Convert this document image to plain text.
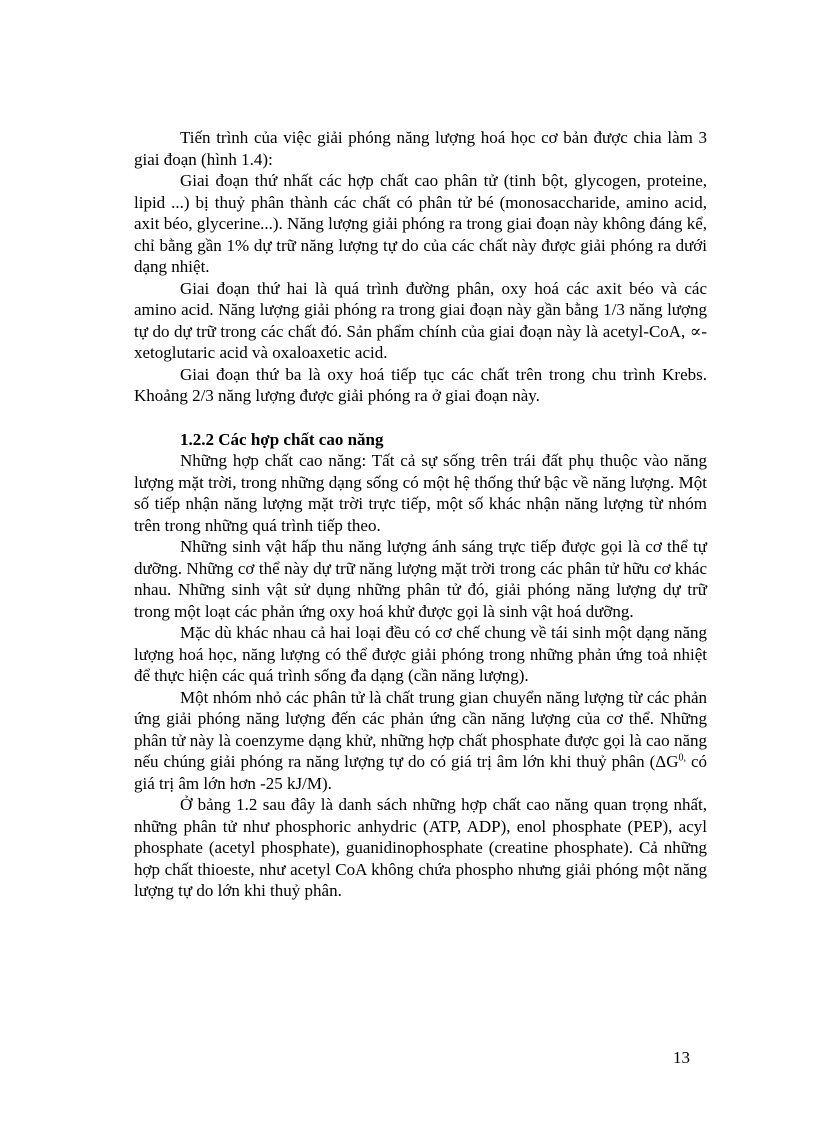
Tiến trình của việc giải phóng năng lượng hoá học cơ bản được chia làm 3 giai đoạn (hình 1.4):

Giai đoạn thứ nhất các hợp chất cao phân tử (tinh bột, glycogen, proteine, lipid ...) bị thuỷ phân thành các chất có phân tử bé (monosaccharide, amino acid, axit béo, glycerine...). Năng lượng giải phóng ra trong giai đoạn này không đáng kể, chỉ bằng gần 1% dự trữ năng lượng tự do của các chất này được giải phóng ra dưới dạng nhiệt.

Giai đoạn thứ hai là quá trình đường phân, oxy hoá các axit béo và các amino acid. Năng lượng giải phóng ra trong giai đoạn này gần bằng 1/3 năng lượng tự do dự trữ trong các chất đó. Sản phẩm chính của giai đoạn này là acetyl-CoA, ∝-xetoglutaric acid và oxaloaxetic acid.

Giai đoạn thứ ba là oxy hoá tiếp tục các chất trên trong chu trình Krebs. Khoảng 2/3 năng lượng được giải phóng ra ở giai đoạn này.

1.2.2 Các hợp chất cao năng

Những hợp chất cao năng: Tất cả sự sống trên trái đất phụ thuộc vào năng lượng mặt trời, trong những dạng sống có một hệ thống thứ bậc về năng lượng. Một số tiếp nhận năng lượng mặt trời trực tiếp, một số khác nhận năng lượng từ nhóm trên trong những quá trình tiếp theo.

Những sinh vật hấp thu năng lượng ánh sáng trực tiếp được gọi là cơ thể tự dưỡng. Những cơ thể này dự trữ năng lượng mặt trời trong các phân tử hữu cơ khác nhau. Những sinh vật sử dụng những phân tử đó, giải phóng năng lượng dự trữ trong một loạt các phản ứng oxy hoá khử được gọi là sinh vật hoá dưỡng.

Mặc dù khác nhau cả hai loại đều có cơ chế chung về tái sinh một dạng năng lượng hoá học, năng lượng có thể được giải phóng trong những phản ứng toả nhiệt để thực hiện các quá trình sống đa dạng (cần năng lượng).

Một nhóm nhỏ các phân tử là chất trung gian chuyển năng lượng từ các phản ứng giải phóng năng lượng đến các phản ứng cần năng lượng của cơ thể. Những phân tử này là coenzyme dạng khử, những hợp chất phosphate được gọi là cao năng nếu chúng giải phóng ra năng lượng tự do có giá trị âm lớn khi thuỷ phân ($\Delta G^{0,}$ có giá trị âm lớn hơn -25 kJ/M).

Ở bảng 1.2 sau đây là danh sách những hợp chất cao năng quan trọng nhất, những phân tử như phosphoric anhydric (ATP, ADP), enol phosphate (PEP), acyl phosphate (acetyl phosphate), guanidinophosphate (creatine phosphate). Cả những hợp chất thioeste, như acetyl CoA không chứa phospho nhưng giải phóng một năng lượng tự do lớn khi thuỷ phân.

13
